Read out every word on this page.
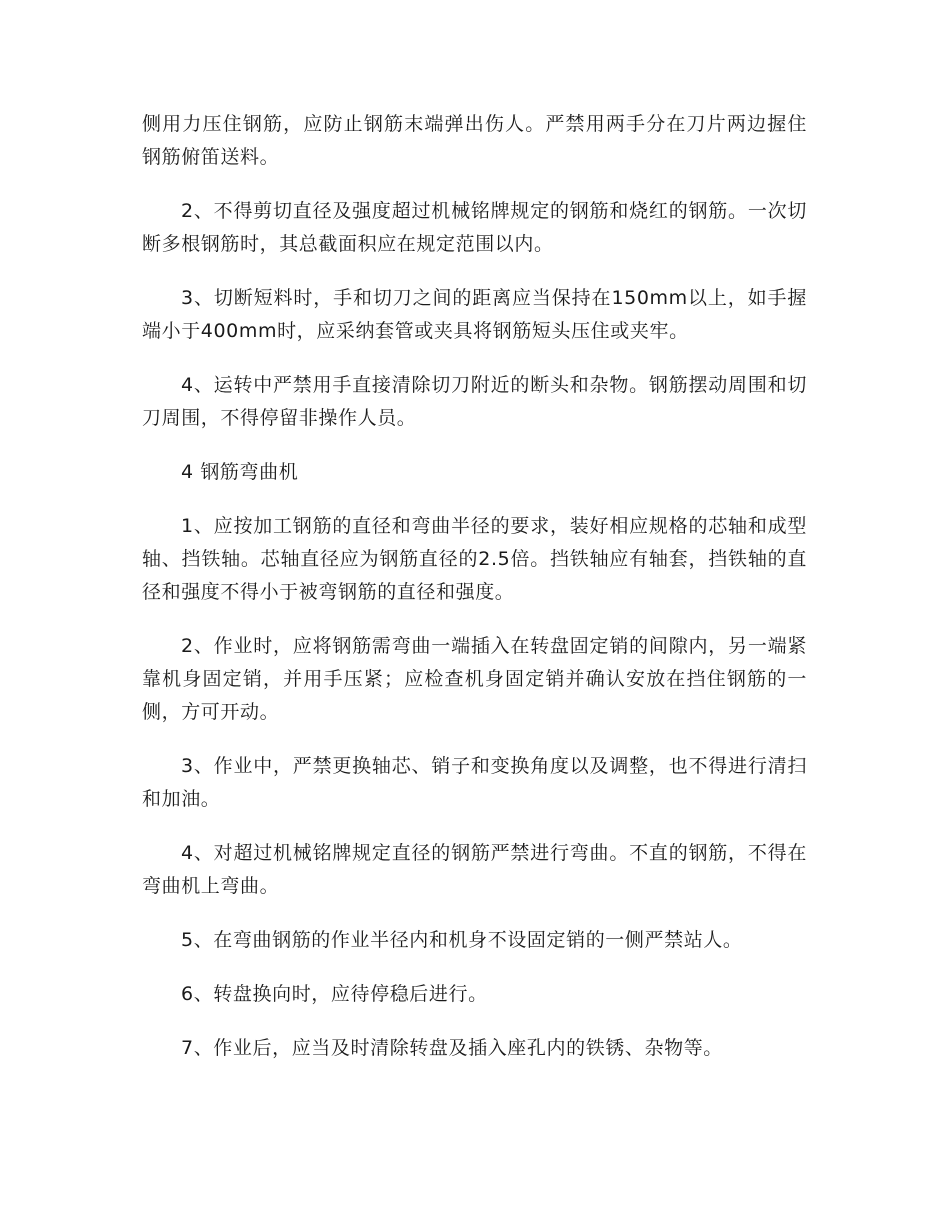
侧用力压住钢筋，应防止钢筋末端弹出伤人。严禁用两手分在刀片两边握住钢筋俯笛送料。

2、不得剪切直径及强度超过机械铭牌规定的钢筋和烧红的钢筋。一次切断多根钢筋时，其总截面积应在规定范围以内。

3、切断短料时，手和切刀之间的距离应当保持在150mm以上，如手握端小于400mm时，应采纳套管或夹具将钢筋短头压住或夹牢。

4、运转中严禁用手直接清除切刀附近的断头和杂物。钢筋摆动周围和切刀周围，不得停留非操作人员。

4 钢筋弯曲机

1、应按加工钢筋的直径和弯曲半径的要求，装好相应规格的芯轴和成型轴、挡铁轴。芯轴直径应为钢筋直径的2.5倍。挡铁轴应有轴套，挡铁轴的直径和强度不得小于被弯钢筋的直径和强度。

2、作业时，应将钢筋需弯曲一端插入在转盘固定销的间隙内，另一端紧靠机身固定销，并用手压紧；应检查机身固定销并确认安放在挡住钢筋的一侧，方可开动。

3、作业中，严禁更换轴芯、销子和变换角度以及调整，也不得进行清扫和加油。

4、对超过机械铭牌规定直径的钢筋严禁进行弯曲。不直的钢筋，不得在弯曲机上弯曲。

5、在弯曲钢筋的作业半径内和机身不设固定销的一侧严禁站人。

6、转盘换向时，应待停稳后进行。

7、作业后，应当及时清除转盘及插入座孔内的铁锈、杂物等。
